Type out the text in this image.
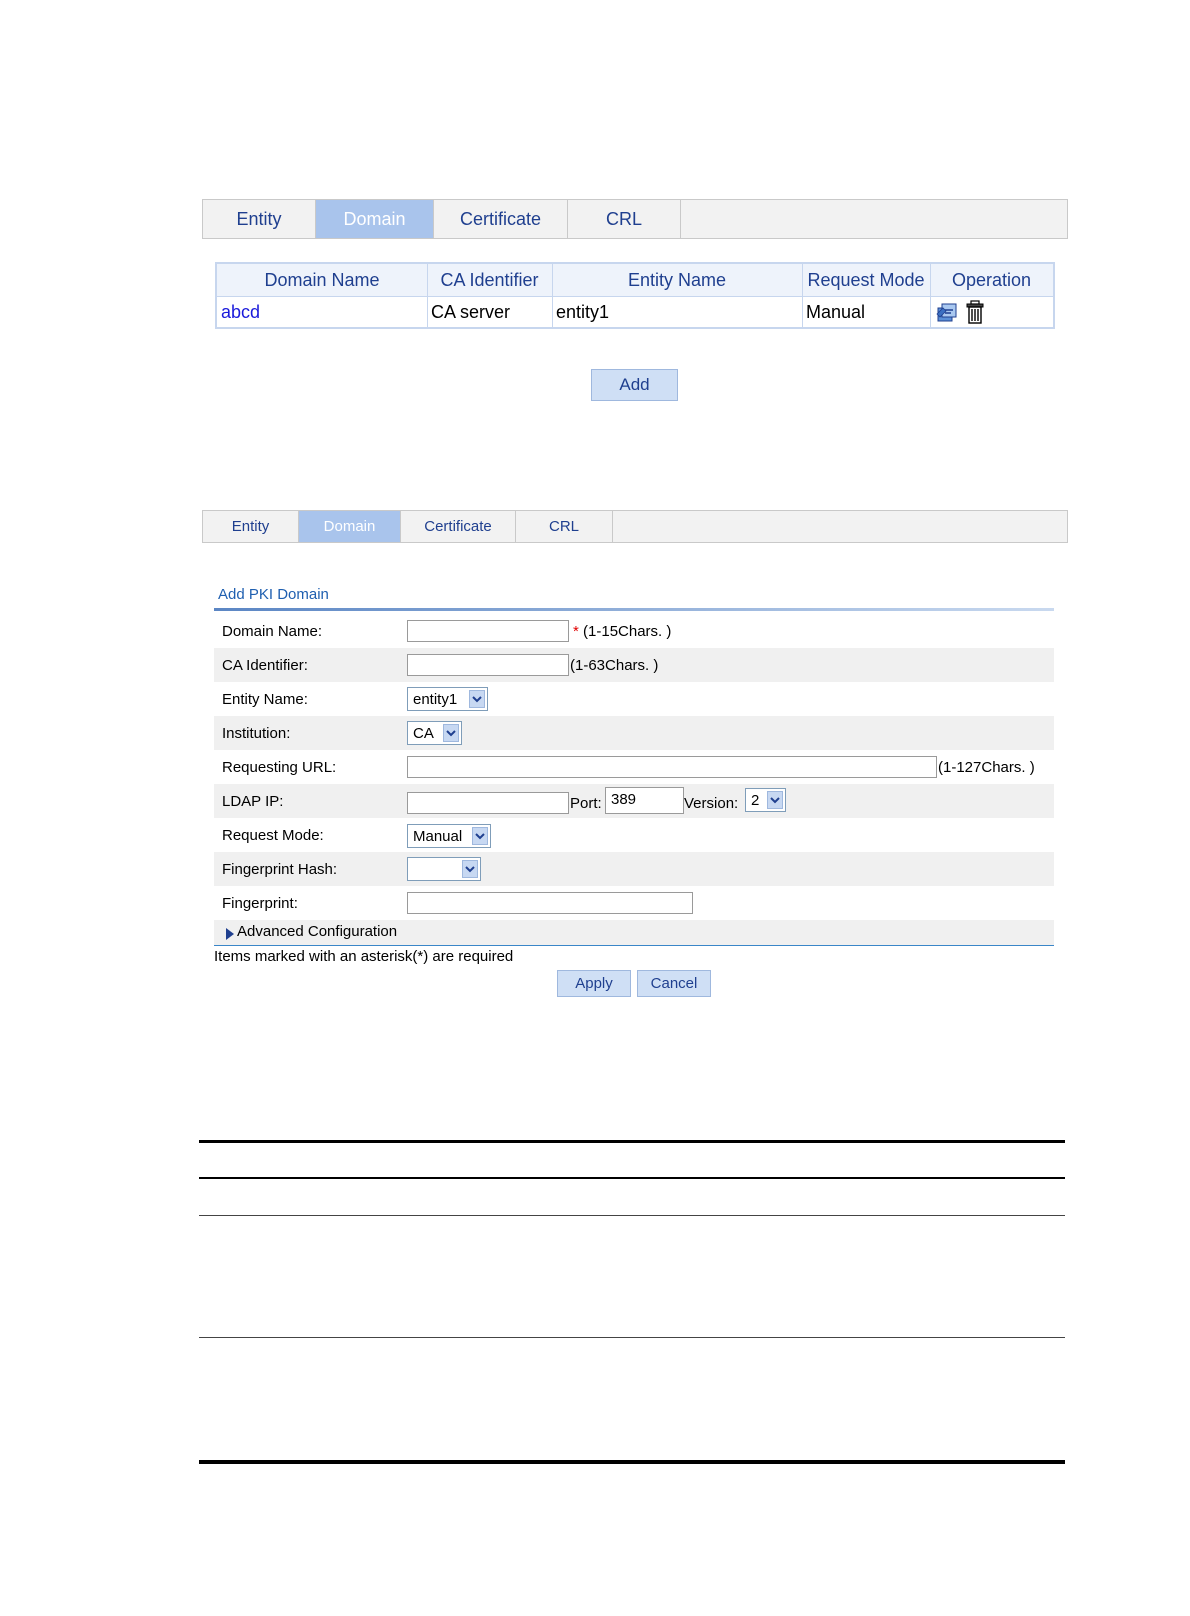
Entity	Domain	Certificate	CRL
Domain Name	CA Identifier	Entity Name	Request Mode	Operation
abcd	CA server	entity1	Manual
Add
Entity	Domain	Certificate	CRL
Add PKI Domain
Domain Name:	*
(1-15Chars. )
CA Identifier:	(1-63Chars. )
Entity Name:	entity1
Institution:	CA
Requesting URL:	(1-127Chars. )
LDAP IP:	Port: 389	Version: 2
Request Mode:	Manual
Fingerprint Hash:
Fingerprint:
Advanced Configuration
Items marked with an asterisk(*) are required
Apply	Cancel
